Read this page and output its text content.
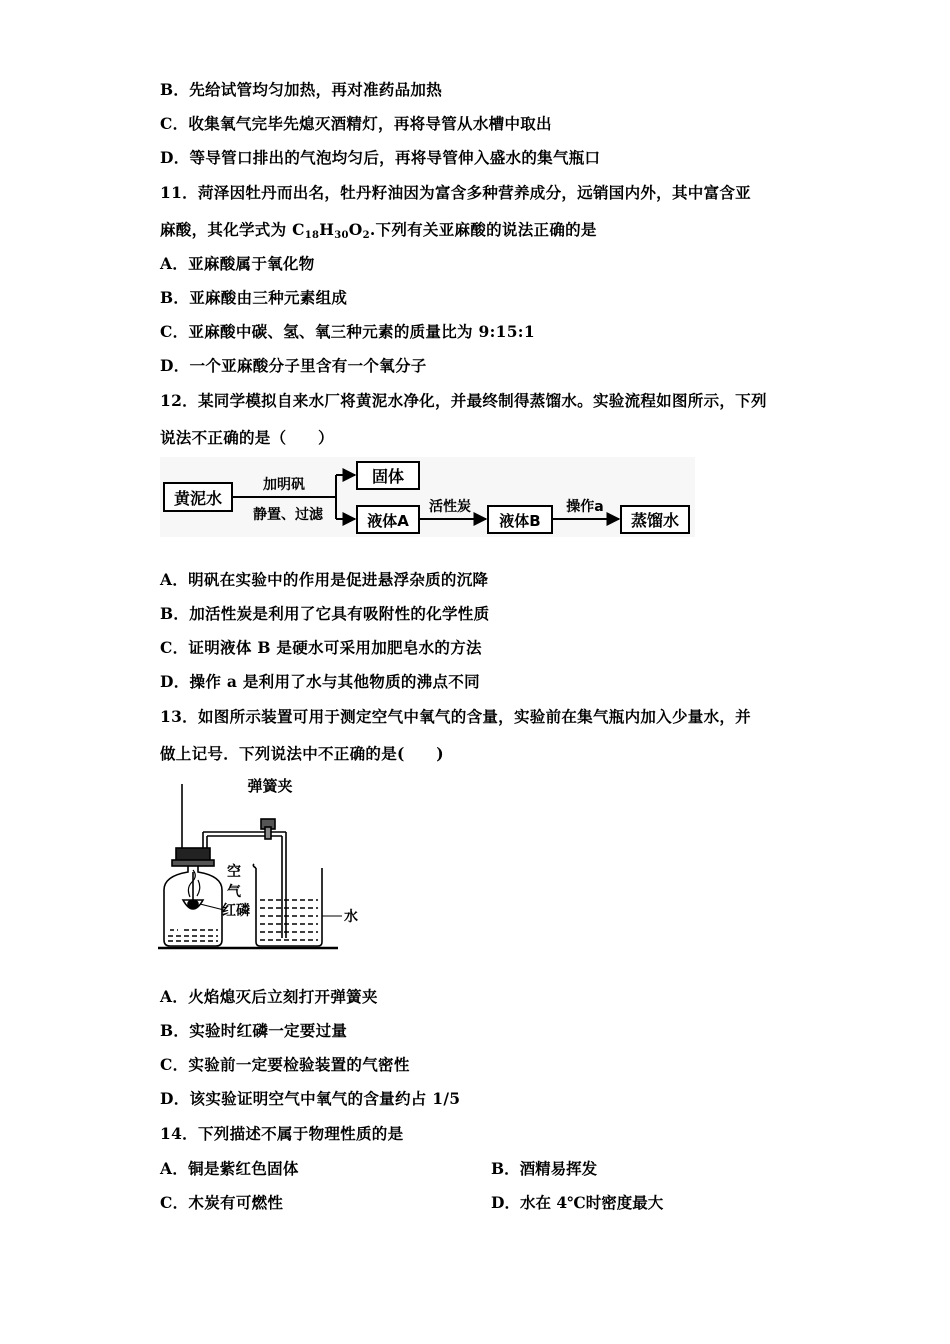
B．先给试管均匀加热，再对准药品加热
C．收集氧气完毕先熄灭酒精灯，再将导管从水槽中取出
D．等导管口排出的气泡均匀后，再将导管伸入盛水的集气瓶口
11．菏泽因牡丹而出名，牡丹籽油因为富含多种营养成分，远销国内外，其中富含亚
麻酸，其化学式为 $C_{18}H_{30}O_2$.下列有关亚麻酸的说法正确的是
A．亚麻酸属于氧化物
B．亚麻酸由三种元素组成
C．亚麻酸中碳、氢、氧三种元素的质量比为 9:15:1
D．一个亚麻酸分子里含有一个氧分子
12．某同学模拟自来水厂将黄泥水净化，并最终制得蒸馏水。实验流程如图所示，下列
说法不正确的是（　　）
黄泥水
加明矾
静置、过滤
固体
液体A
活性炭
液体B
操作a
蒸馏水
A．明矾在实验中的作用是促进悬浮杂质的沉降
B．加活性炭是利用了它具有吸附性的化学性质
C．证明液体 B 是硬水可采用加肥皂水的方法
D．操作 a 是利用了水与其他物质的沸点不同
13．如图所示装置可用于测定空气中氧气的含量，实验前在集气瓶内加入少量水，并
做上记号．下列说法中不正确的是(　　)
弹簧夹
空
气
红磷	水
A．火焰熄灭后立刻打开弹簧夹
B．实验时红磷一定要过量
C．实验前一定要检验装置的气密性
D．该实验证明空气中氧气的含量约占 1/5
14．下列描述不属于物理性质的是
A．铜是紫红色固体	B．酒精易挥发
C．木炭有可燃性	D．水在 4℃时密度最大
